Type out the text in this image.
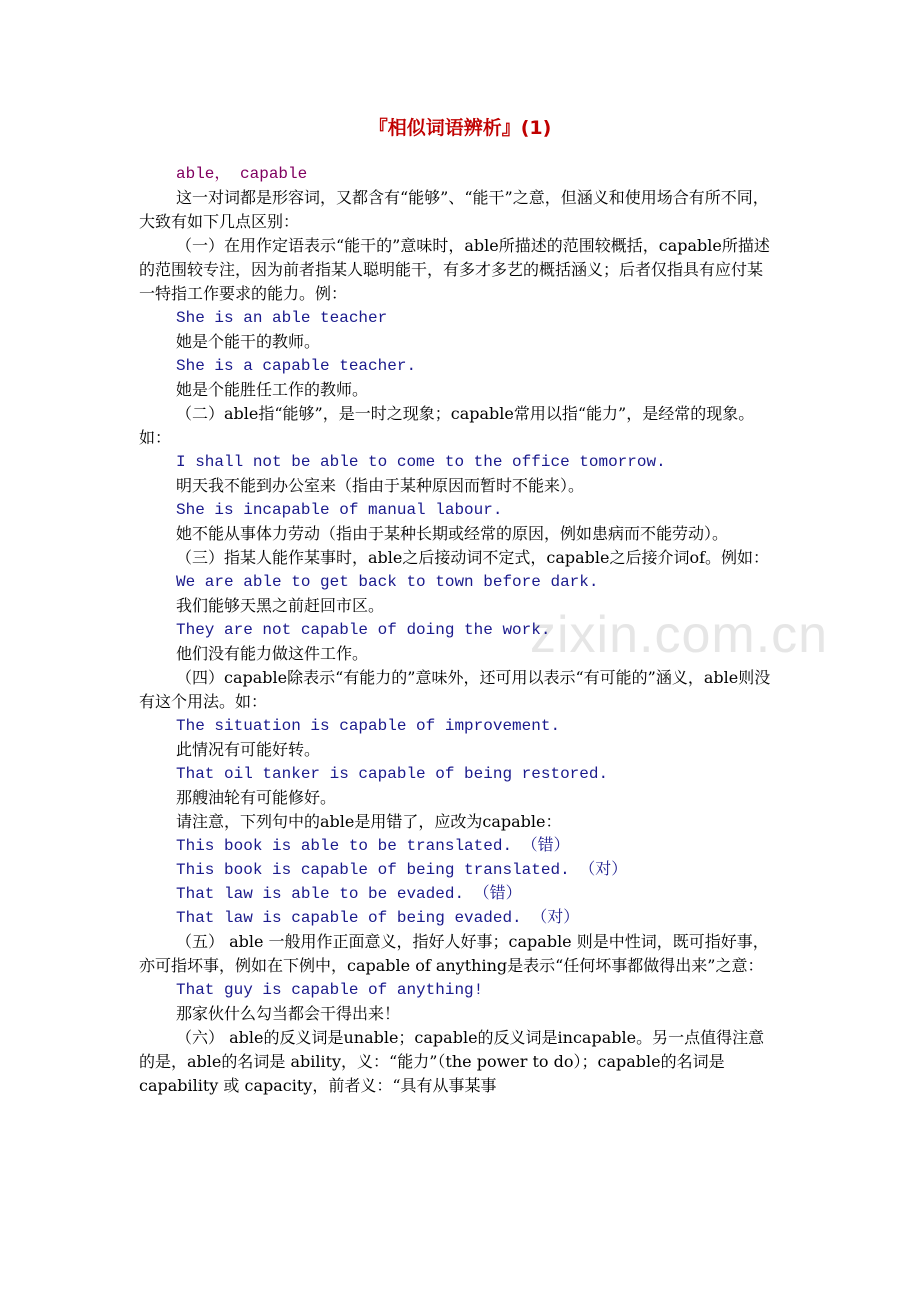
『相似词语辨析』(1)
zixin.com.cn

able， capable

这一对词都是形容词，又都含有“能够”、“能干”之意，但涵义和使用场合有所不同，大致有如下几点区别：

（一）在用作定语表示“能干的”意味时，able所描述的范围较概括，capable所描述的范围较专注，因为前者指某人聪明能干，有多才多艺的概括涵义；后者仅指具有应付某一特指工作要求的能力。例：

She is an able teacher

她是个能干的教师。

She is a capable teacher.

她是个能胜任工作的教师。

（二）able指“能够”，是一时之现象；capable常用以指“能力”，是经常的现象。如：

I shall not be able to come to the office tomorrow.

明天我不能到办公室来（指由于某种原因而暂时不能来）。

She is incapable of manual labour.

她不能从事体力劳动（指由于某种长期或经常的原因，例如患病而不能劳动）。

（三）指某人能作某事时，able之后接动词不定式，capable之后接介词of。例如：

We are able to get back to town before dark.

我们能够天黑之前赶回市区。

They are not capable of doing the work.

他们没有能力做这件工作。

（四）capable除表示“有能力的”意味外，还可用以表示“有可能的”涵义，able则没有这个用法。如：

The situation is capable of improvement.

此情况有可能好转。

That oil tanker is capable of being restored.

那艘油轮有可能修好。

请注意，下列句中的able是用错了，应改为capable：

This book is able to be translated. （错）

This book is capable of being translated. （对）

That law is able to be evaded. （错）

That law is capable of being evaded. （对）

（五） able 一般用作正面意义，指好人好事；capable 则是中性词，既可指好事，亦可指坏事，例如在下例中，capable of anything是表示“任何坏事都做得出来”之意：

That guy is capable of anything!

那家伙什么勾当都会干得出来！

（六） able的反义词是unable；capable的反义词是incapable。另一点值得注意的是，able的名词是 ability，义：“能力”（the power to do）；capable的名词是capability 或 capacity，前者义：“具有从事某事
